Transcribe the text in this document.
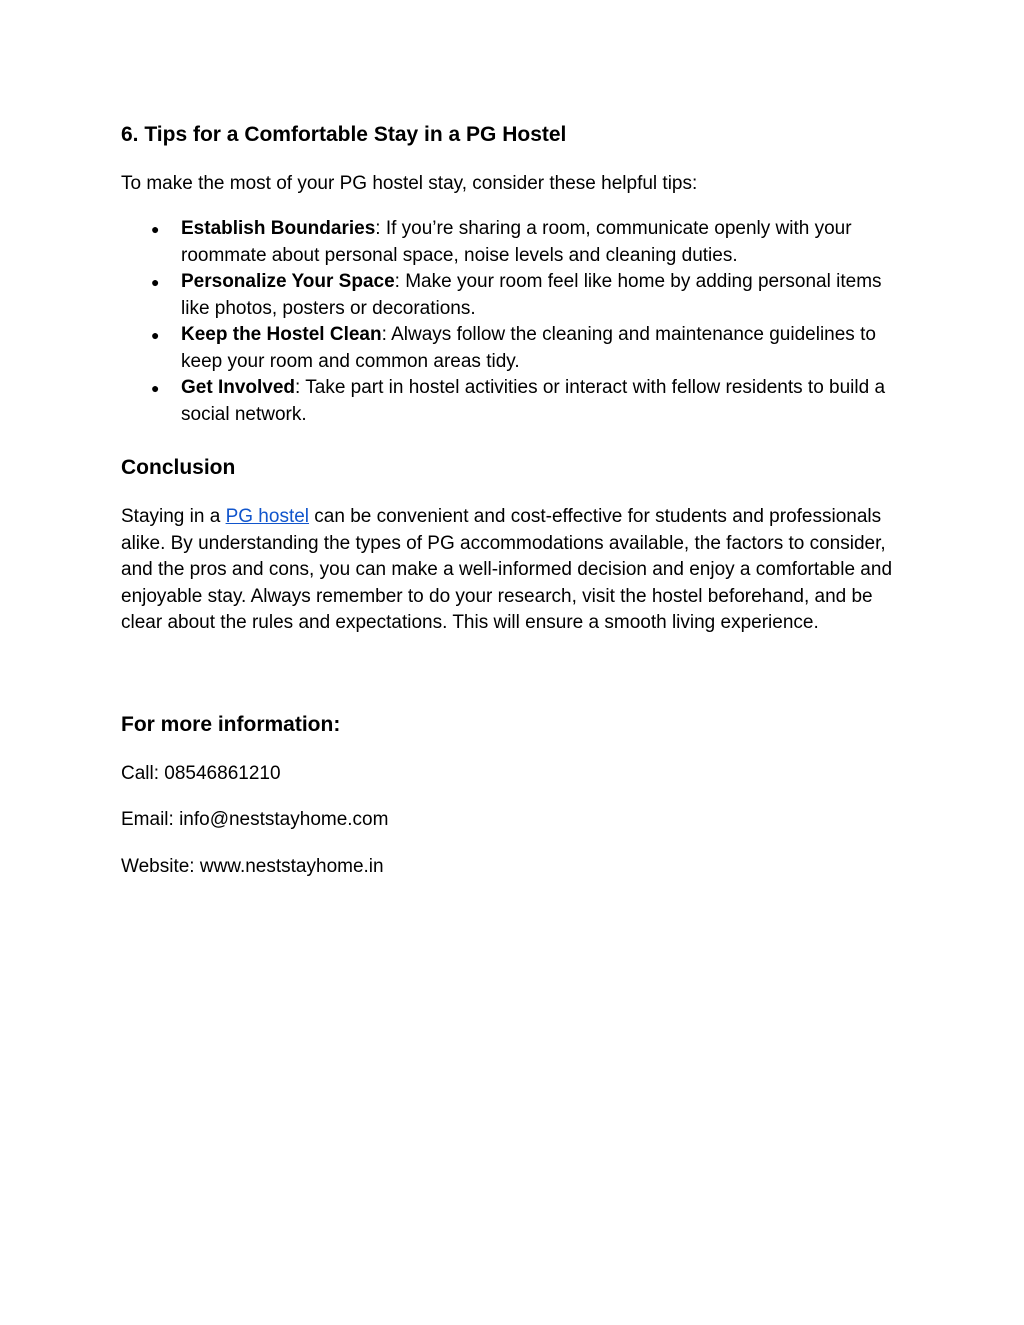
6. Tips for a Comfortable Stay in a PG Hostel

To make the most of your PG hostel stay, consider these helpful tips:

● Establish Boundaries: If you’re sharing a room, communicate openly with your roommate about personal space, noise levels and cleaning duties.
● Personalize Your Space: Make your room feel like home by adding personal items like photos, posters or decorations.
● Keep the Hostel Clean: Always follow the cleaning and maintenance guidelines to keep your room and common areas tidy.
● Get Involved: Take part in hostel activities or interact with fellow residents to build a social network.
Conclusion

Staying in a PG hostel can be convenient and cost-effective for students and professionals alike. By understanding the types of PG accommodations available, the factors to consider, and the pros and cons, you can make a well-informed decision and enjoy a comfortable and enjoyable stay. Always remember to do your research, visit the hostel beforehand, and be clear about the rules and expectations. This will ensure a smooth living experience.

For more information:

Call: 08546861210

Email: info@neststayhome.com

Website: www.neststayhome.in
